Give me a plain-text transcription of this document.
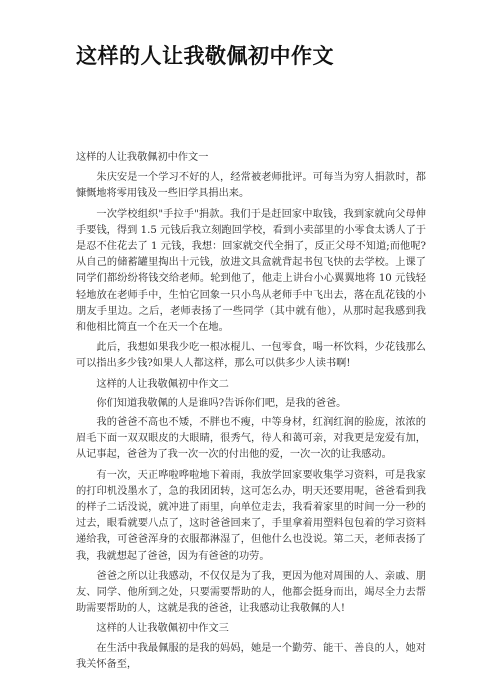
这样的人让我敬佩初中作文

这样的人让我敬佩初中作文一

朱庆安是一个学习不好的人，经常被老师批评。可每当为穷人捐款时，都慷慨地将零用钱及一些旧学具捐出来。

一次学校组织"手拉手"捐款。我们于是赶回家中取钱，我到家就向父母伸手要钱，得到 1.5 元钱后我立刻跑回学校，看到小卖部里的小零食太诱人了于是忍不住花去了 1 元钱，我想：回家就交代全捐了，反正父母不知道;而他呢?从自己的储蓄罐里掏出十元钱，放进文具盒就背起书包飞快的去学校。上课了同学们都纷纷将钱交给老师。轮到他了，他走上讲台小心翼翼地将 10 元钱轻轻地放在老师手中，生怕它回象一只小鸟从老师手中飞出去，落在乱花钱的小朋友手里边。之后，老师表扬了一些同学（其中就有他），从那时起我感到我和他相比简直一个在天一个在地。

此后，我想如果我少吃一根冰棍儿、一包零食，喝一杯饮料，少花钱那么可以指出多少钱?如果人人都这样，那么可以供多少人读书啊!

这样的人让我敬佩初中作文二

你们知道我敬佩的人是谁吗?告诉你们吧，是我的爸爸。

我的爸爸不高也不矮，不胖也不瘦，中等身材，红润红润的脸庞，浓浓的眉毛下面一双双眼皮的大眼睛，很秀气，待人和蔼可亲，对我更是宠爱有加，从记事起，爸爸为了我一次一次的付出他的爱，一次一次的让我感动。

有一次，天正哗啦哗啦地下着雨，我放学回家要收集学习资料，可是我家的打印机没墨水了，急的我团团转，这可怎么办，明天还要用呢，爸爸看到我的样子二话没说，就冲进了雨里，向单位走去，我看着家里的时间一分一秒的过去，眼看就要八点了，这时爸爸回来了，手里拿着用塑料包包着的学习资料递给我，可爸爸浑身的衣服都淋湿了，但他什么也没说。第二天，老师表扬了我，我就想起了爸爸，因为有爸爸的功劳。

爸爸之所以让我感动，不仅仅是为了我，更因为他对周围的人、亲戚、朋友、同学、他所到之处，只要需要帮助的人，他都会挺身而出，竭尽全力去帮助需要帮助的人，这就是我的爸爸，让我感动让我敬佩的人!

这样的人让我敬佩初中作文三

在生活中我最佩服的是我的妈妈，她是一个勤劳、能干、善良的人，她对我关怀备至，
